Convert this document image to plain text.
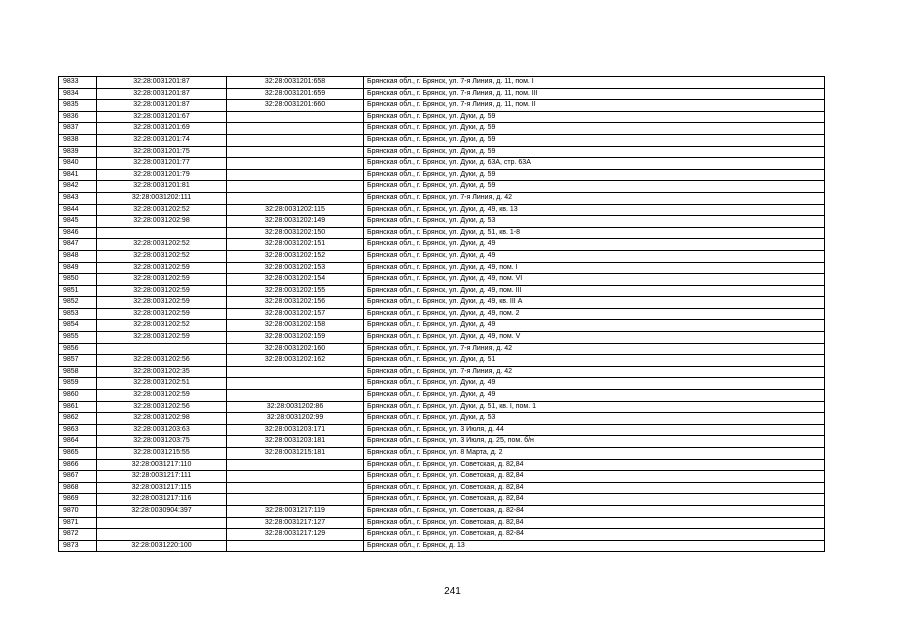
9833	32:28:0031201:87	32:28:0031201:658	Брянская обл., г. Брянск, ул. 7-я Линия, д. 11, пом. I
9834	32:28:0031201:87	32:28:0031201:659	Брянская обл., г. Брянск, ул. 7-я Линия, д. 11, пом. III
9835	32:28:0031201:87	32:28:0031201:660	Брянская обл., г. Брянск, ул. 7-я Линия, д. 11, пом. II
9836	32:28:0031201:67		Брянская обл., г. Брянск, ул. Дуки, д. 59
9837	32:28:0031201:69		Брянская обл., г. Брянск, ул. Дуки, д. 59
9838	32:28:0031201:74		Брянская обл., г. Брянск, ул. Дуки, д. 59
9839	32:28:0031201:75		Брянская обл., г. Брянск, ул. Дуки, д. 59
9840	32:28:0031201:77		Брянская обл., г. Брянск, ул. Дуки, д. 63А, стр. 63А
9841	32:28:0031201:79		Брянская обл., г. Брянск, ул. Дуки, д. 59
9842	32:28:0031201:81		Брянская обл., г. Брянск, ул. Дуки, д. 59
9843	32:28:0031202:111		Брянская обл., г. Брянск, ул. 7-я Линия, д. 42
9844	32:28:0031202:52	32:28:0031202:115	Брянская обл., г. Брянск, ул. Дуки, д. 49, кв. 13
9845	32:28:0031202:98	32:28:0031202:149	Брянская обл., г. Брянск, ул. Дуки, д. 53
9846		32:28:0031202:150	Брянская обл., г. Брянск, ул. Дуки, д. 51, кв. 1-8
9847	32:28:0031202:52	32:28:0031202:151	Брянская обл., г. Брянск, ул. Дуки, д. 49
9848	32:28:0031202:52	32:28:0031202:152	Брянская обл., г. Брянск, ул. Дуки, д. 49
9849	32:28:0031202:59	32:28:0031202:153	Брянская обл., г. Брянск, ул. Дуки, д. 49, пом. I
9850	32:28:0031202:59	32:28:0031202:154	Брянская обл., г. Брянск, ул. Дуки, д. 49, пом. VI
9851	32:28:0031202:59	32:28:0031202:155	Брянская обл., г. Брянск, ул. Дуки, д. 49, пом. III
9852	32:28:0031202:59	32:28:0031202:156	Брянская обл., г. Брянск, ул. Дуки, д. 49, кв. III А
9853	32:28:0031202:59	32:28:0031202:157	Брянская обл., г. Брянск, ул. Дуки, д. 49, пом. 2
9854	32:28:0031202:52	32:28:0031202:158	Брянская обл., г. Брянск, ул. Дуки, д. 49
9855	32:28:0031202:59	32:28:0031202:159	Брянская обл., г. Брянск, ул. Дуки, д. 49, пом. V
9856		32:28:0031202:160	Брянская обл., г. Брянск, ул. 7-я Линия, д. 42
9857	32:28:0031202:56	32:28:0031202:162	Брянская обл., г. Брянск, ул. Дуки, д. 51
9858	32:28:0031202:35		Брянская обл., г. Брянск, ул. 7-я Линия, д. 42
9859	32:28:0031202:51		Брянская обл., г. Брянск, ул. Дуки, д. 49
9860	32:28:0031202:59		Брянская обл., г. Брянск, ул. Дуки, д. 49
9861	32:28:0031202:56	32:28:0031202:86	Брянская обл., г. Брянск, ул. Дуки, д. 51, кв. I, пом. 1
9862	32:28:0031202:98	32:28:0031202:99	Брянская обл., г. Брянск, ул. Дуки, д. 53
9863	32:28:0031203:63	32:28:0031203:171	Брянская обл., г. Брянск, ул. 3 Июля, д. 44
9864	32:28:0031203:75	32:28:0031203:181	Брянская обл., г. Брянск, ул. 3 Июля, д. 25, пом. б/н
9865	32:28:0031215:55	32:28:0031215:181	Брянская обл., г. Брянск, ул. 8 Марта, д. 2
9866	32:28:0031217:110		Брянская обл., г. Брянск, ул. Советская, д. 82,84
9867	32:28:0031217:111		Брянская обл., г. Брянск, ул. Советская, д. 82,84
9868	32:28:0031217:115		Брянская обл., г. Брянск, ул. Советская, д. 82,84
9869	32:28:0031217:116		Брянская обл., г. Брянск, ул. Советская, д. 82,84
9870	32:28:0030904:397	32:28:0031217:119	Брянская обл., г. Брянск, ул. Советская, д. 82-84
9871		32:28:0031217:127	Брянская обл., г. Брянск, ул. Советская, д. 82,84
9872		32:28:0031217:129	Брянская обл., г. Брянск, ул. Советская, д. 82-84
9873	32:28:0031220:100		Брянская обл., г. Брянск, д. 13
241
